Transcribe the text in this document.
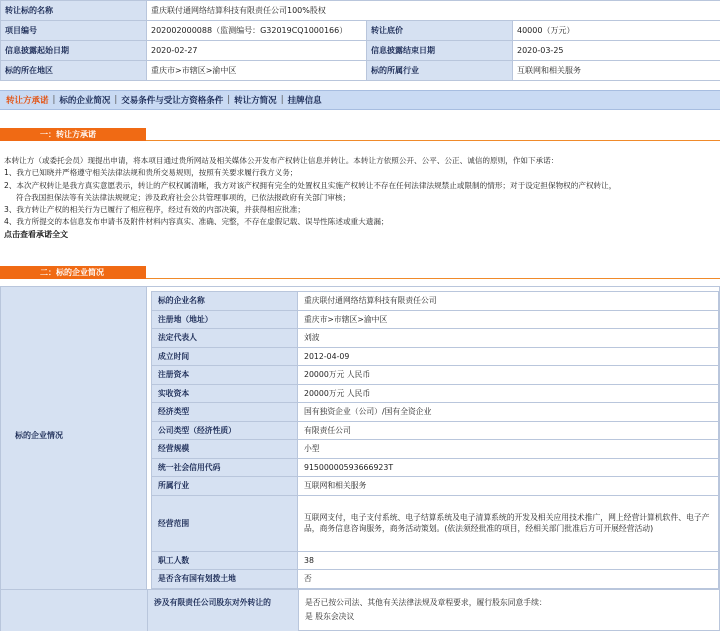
转让标的名称	重庆联付通网络结算科技有限责任公司100%股权		
项目编号	202002000088（监测编号：G32019CQ1000166）	转让底价	40000（万元）
信息披露起始日期	2020-02-27	信息披露结束日期	2020-03-25
标的所在地区	重庆市>市辖区>渝中区	标的所属行业	互联网和相关服务
转让方承诺 | 标的企业简况 | 交易条件与受让方资格条件 | 转让方简况 | 挂牌信息
一：转让方承诺

本转让方（或委托会员）现提出申请，将本项目通过贵所网站及相关媒体公开发布产权转让信息并转让。本转让方依照公开、公平、公正、诚信的原则，作如下承诺：

1、我方已知晓并严格遵守相关法律法规和贵所交易规则，按照有关要求履行我方义务；

2、本次产权转让是我方真实意愿表示，转让的产权权属清晰，我方对该产权拥有完全的处置权且实施产权转让不存在任何法律法规禁止或限制的情形；对于设定担保物权的产权转让，

符合我国担保法等有关法律法规规定；涉及政府社会公共管理事项的，已依法报政府有关部门审核；

3、我方转让产权的相关行为已履行了相应程序，经过有效的内部决策，并获得相应批准；

4、我方所提交的本信息发布申请书及附件材料内容真实、准确、完整，不存在虚假记载、误导性陈述或重大遗漏；

点击查看承诺全文

二：标的企业简况
标的企业情况
标的企业名称	重庆联付通网络结算科技有限责任公司
注册地（地址）	重庆市>市辖区>渝中区
法定代表人	刘波
成立时间	2012-04-09
注册资本	20000万元 人民币
实收资本	20000万元 人民币
经济类型	国有独资企业（公司）/国有全资企业
公司类型（经济性质）	有限责任公司
经营规模	小型
统一社会信用代码	91500000593666923T
所属行业	互联网和相关服务
经营范围	互联网支付，电子支付系统、电子结算系统及电子清算系统的开发及相关应用技术推广，网上经营计算机软件、电子产品，商务信息咨询服务，商务活动策划。(依法须经批准的项目，经相关部门批准后方可开展经营活动)
职工人数	38
是否含有国有划拨土地	否
涉及有限责任公司股东对外转让的	是否已按公司法、其他有关法律法规及章程要求，履行股东同意手续：
是 股东会决议
